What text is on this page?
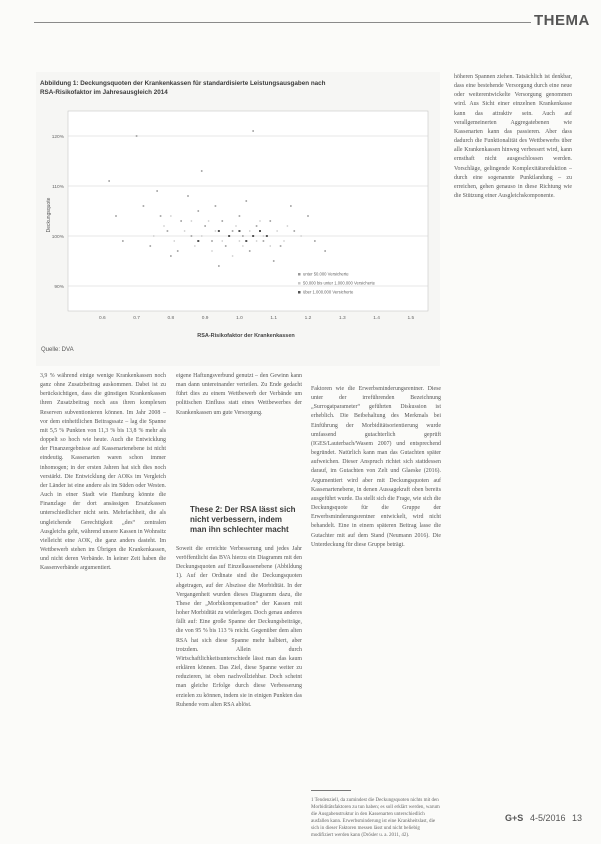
THEMA
Abbildung 1: Deckungsquoten der Krankenkassen für standardisierte Leistungsausgaben nach
RSA-Risikofaktor im Jahresausgleich 2014
90%
100%
110%
120%
0.6	0.7	0.8	0.9	1.0	1.1	1.2	1.3	1.4	1.5
Deckungsquote
RSA-Risikofaktor der Krankenkassen
unter 50.000 Versicherte
50.000 bis unter 1.000.000 Versicherte
über 1.000.000 Versicherte
Quelle: DVA

höheren Spannen ziehen. Tatsächlich ist denkbar, dass eine bestehende Versorgung durch eine neue oder weiterentwickelte Versorgung genommen wird. Aus Sicht einer einzelnen Krankenkasse kann das attraktiv sein. Auch auf verallgemeinerten Aggregatebenen wie Kassenarten kann das passieren. Aber dass dadurch die Funktionalität des Wettbewerbs über alle Krankenkassen hinweg verbessert wird, kann ernsthaft nicht ausgeschlossen werden. Vorschläge, gelingende Komplexitätsreduktion – durch eine sogenannte Punktlandung – zu erreichen, gehen genauso in diese Richtung wie die Stützung einer Ausgleichskomponente.

3,9 % während einige wenige Krankenkassen noch ganz ohne Zusatzbeitrag auskommen. Dabei ist zu berücksichtigen, dass die günstigen Krankenkassen ihren Zusatzbeitrag noch aus ihren komplexen Reserven subventionieren können. Im Jahr 2008 – vor dem einheitlichen Beitragssatz – lag die Spanne mit 5,5 % Punkten von 11,3 % bis 13,8 % mehr als doppelt so hoch wie heute. Auch die Entwicklung der Finanzergebnisse auf Kassenartenebene ist nicht eindeutig. Kassenarten waren schon immer inhomogen; in der ersten Jahren hat sich dies noch verstärkt. Die Entwicklung der AOKs im Vergleich der Länder ist eine andere als im Süden oder Westen. Auch in einer Stadt wie Hamburg könnte die Finanzlage der dort ansässigen Ersatzkassen unterschiedlicher nicht sein. Mehrfachheit, die als ungleichende Gerechtigkeit „des“ zentralen Ausgleichs geht, während unsere Kassen in Wohnsitz vielleicht eine AOK, die ganz anders dasteht. Im Wettbewerb stehen im Übrigen die Krankenkassen, und nicht deren Verbände. In keiner Zeit haben die Kassenverbände argumentiert.

eigene Haftungsverbund genutzt – den Gewinn kann man dann untereinander verteilen. Zu Ende gedacht führt dies zu einem Wettbewerb der Verbände um politischen Einfluss statt eines Wettbewerbes der Krankenkassen um gute Versorgung.

These 2: Der RSA lässt sich nicht verbessern, indem man ihn schlechter macht

Soweit die erreichte Verbesserung und jedes Jahr veröffentlicht das BVA hierzu ein Diagramm mit den Deckungsquoten auf Einzelkassenebene (Abbildung 1). Auf der Ordinate sind die Deckungsquoten abgetragen, auf der Abszisse die Morbidität. In der Vergangenheit wurden dieses Diagramm dazu, die These der „Morbikompensation“ der Kassen mit hoher Morbidität zu widerlegen. Doch genau anderes fällt auf: Eine große Spanne der Deckungsbeiträge, die von 95 % bis 113 % reicht. Gegenüber dem alten RSA hat sich diese Spanne mehr halbiert, aber trotzdem. Allein durch Wirtschaftlichkeitsunterschiede lässt man das kaum erklären können. Das Ziel, diese Spanne weiter zu reduzieren, ist oben nachvollziehbar. Doch scheint man gleiche Erfolge durch diese Verbesserung erzielen zu können, indem sie in einigen Punkten das Ruhende vom alten RSA ablöst.

Faktoren wie die Erwerbsminderungsrentner. Diese unter der irreführenden Bezeichnung „Surrogatparameter“ geführten Diskussion ist erheblich. Die Beibehaltung des Merkmals bei Einführung der Morbiditätsorientierung wurde umfassend gutachterlich geprüft (IGES/Lauterbach/Wasem 2007) und entsprechend begründet. Natürlich kann man das Gutachten später aufweichen. Dieser Anspruch richtet sich stattdessen darauf, im Gutachten von Zelt und Glaeske (2016). Argumentiert wird aber mit Deckungsquoten auf Kassenartenebene, in denen Aussagekraft oben bereits ausgeführt wurde. Da stellt sich die Frage, wie sich die Deckungsquote für die Gruppe der Erwerbsminderungsrentner entwickelt, wird nicht behandelt. Eine in einem späteren Beitrag lasse die Gutachter mit auf dem Stand (Neumann 2016). Die Unterdeckung für diese Gruppe beträgt.

1 Tendenziell, da zumindest die Deckungsquoten nichts mit den Morbiditätsfaktoren zu tun haben; es soll erklärt werden, warum die Ausgabenstruktur in den Kassenarten unterschiedlich ausfallen kann. Erwerbsminderung ist eine Krankheitslast, die sich in dieser Faktoren messen lässt und nicht beliebig modifiziert werden kann (Drösler u. a. 2011, 42).
G+S 4-5/2016 13
